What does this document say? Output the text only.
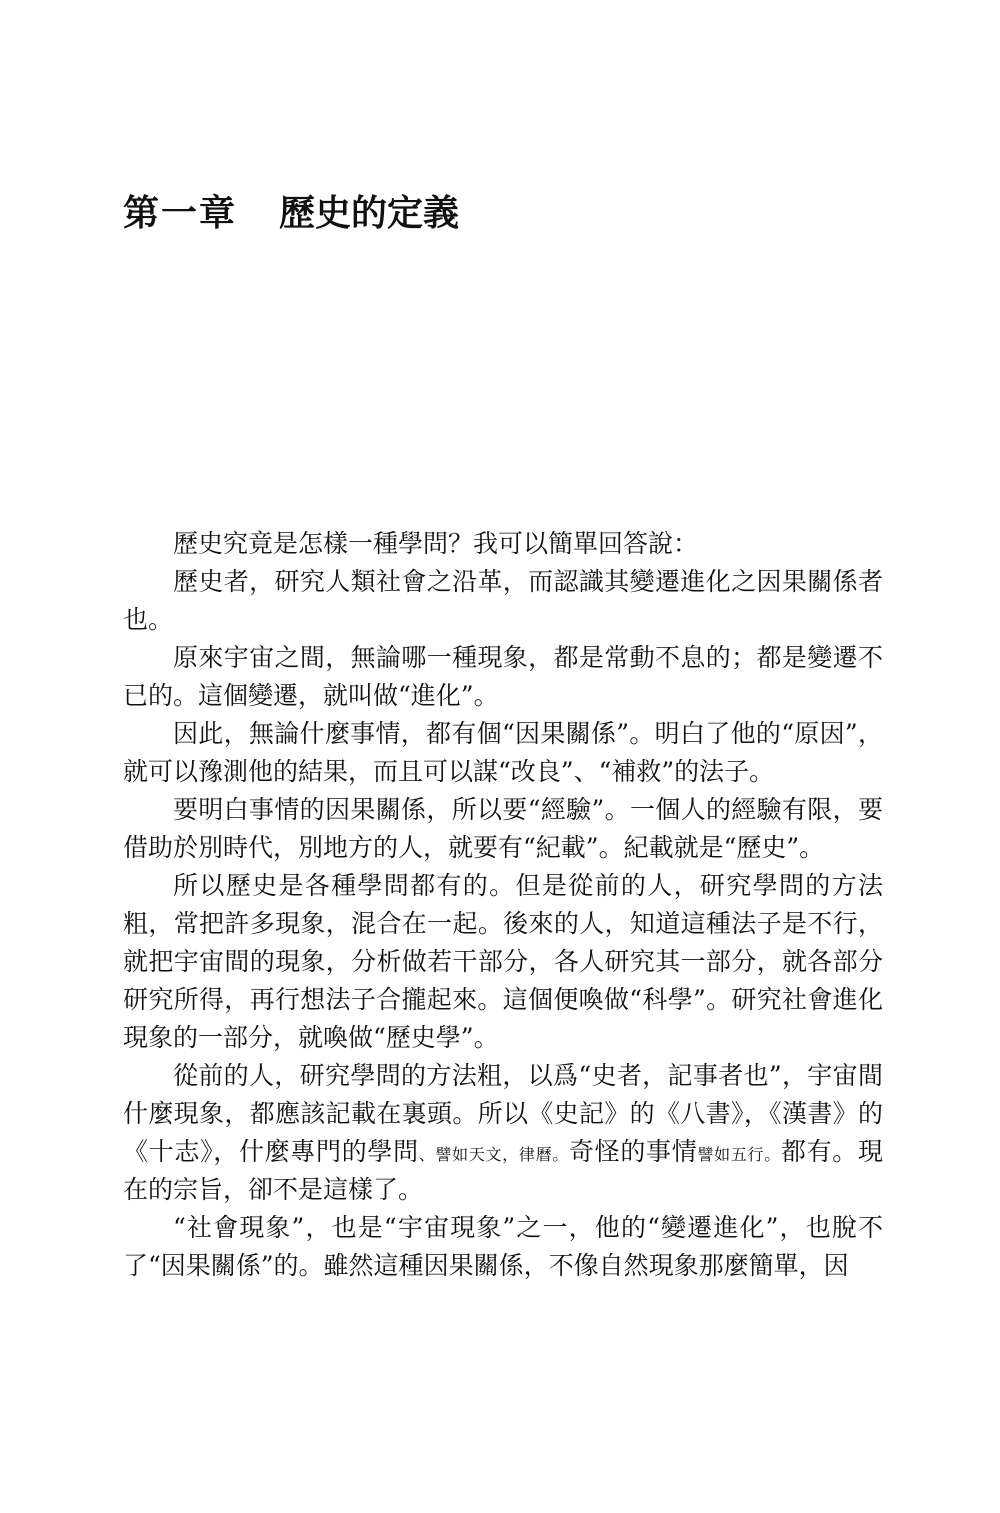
第一章 歷史的定義

歷史究竟是怎樣一種學問？我可以簡單回答說：

歷史者，研究人類社會之沿革，而認識其變遷進化之因果關係者也。

原來宇宙之間，無論哪一種現象，都是常動不息的；都是變遷不已的。這個變遷，就叫做“進化”。

因此，無論什麼事情，都有個“因果關係”。明白了他的“原因”，就可以豫測他的結果，而且可以謀“改良”、“補救”的法子。

要明白事情的因果關係，所以要“經驗”。一個人的經驗有限，要借助於別時代，別地方的人，就要有“紀載”。紀載就是“歷史”。

所以歷史是各種學問都有的。但是從前的人，研究學問的方法粗，常把許多現象，混合在一起。後來的人，知道這種法子是不行，就把宇宙間的現象，分析做若干部分，各人研究其一部分，就各部分研究所得，再行想法子合攏起來。這個便喚做“科學”。研究社會進化現象的一部分，就喚做“歷史學”。

從前的人，研究學問的方法粗，以爲“史者，記事者也”，宇宙間什麼現象，都應該記載在裏頭。所以《史記》的《八書》，《漢書》的《十志》，什麼專門的學問、譬如天文，律曆。奇怪的事情譬如五行。都有。現在的宗旨，卻不是這樣了。

“社會現象”，也是“宇宙現象”之一，他的“變遷進化”，也脫不了“因果關係”的。雖然這種因果關係，不像自然現象那麼簡單，因
